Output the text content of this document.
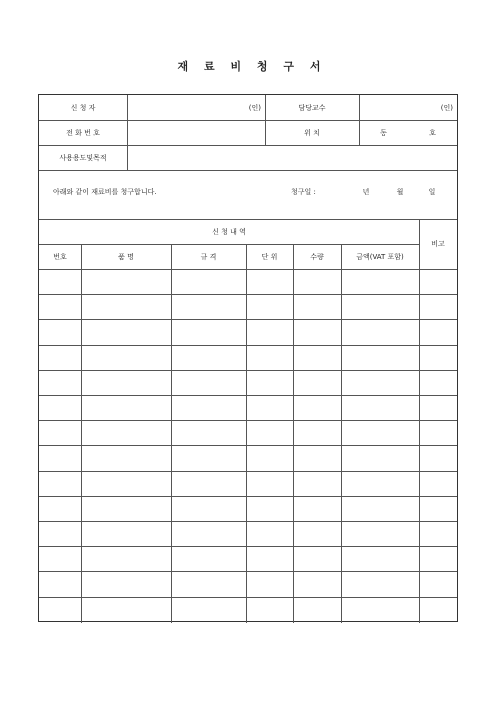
재 료 비 청 구 서
신 청 자	(인)	담당교수	(인)
전 화 번 호	위 치	동	호
사용용도및목적
아래와 같이 재료비를 청구합니다.	청구일 :	년	월	일
신 청 내 역
비고
번호	품 명	규 격	단 위	수량	금액(VAT 포함)
